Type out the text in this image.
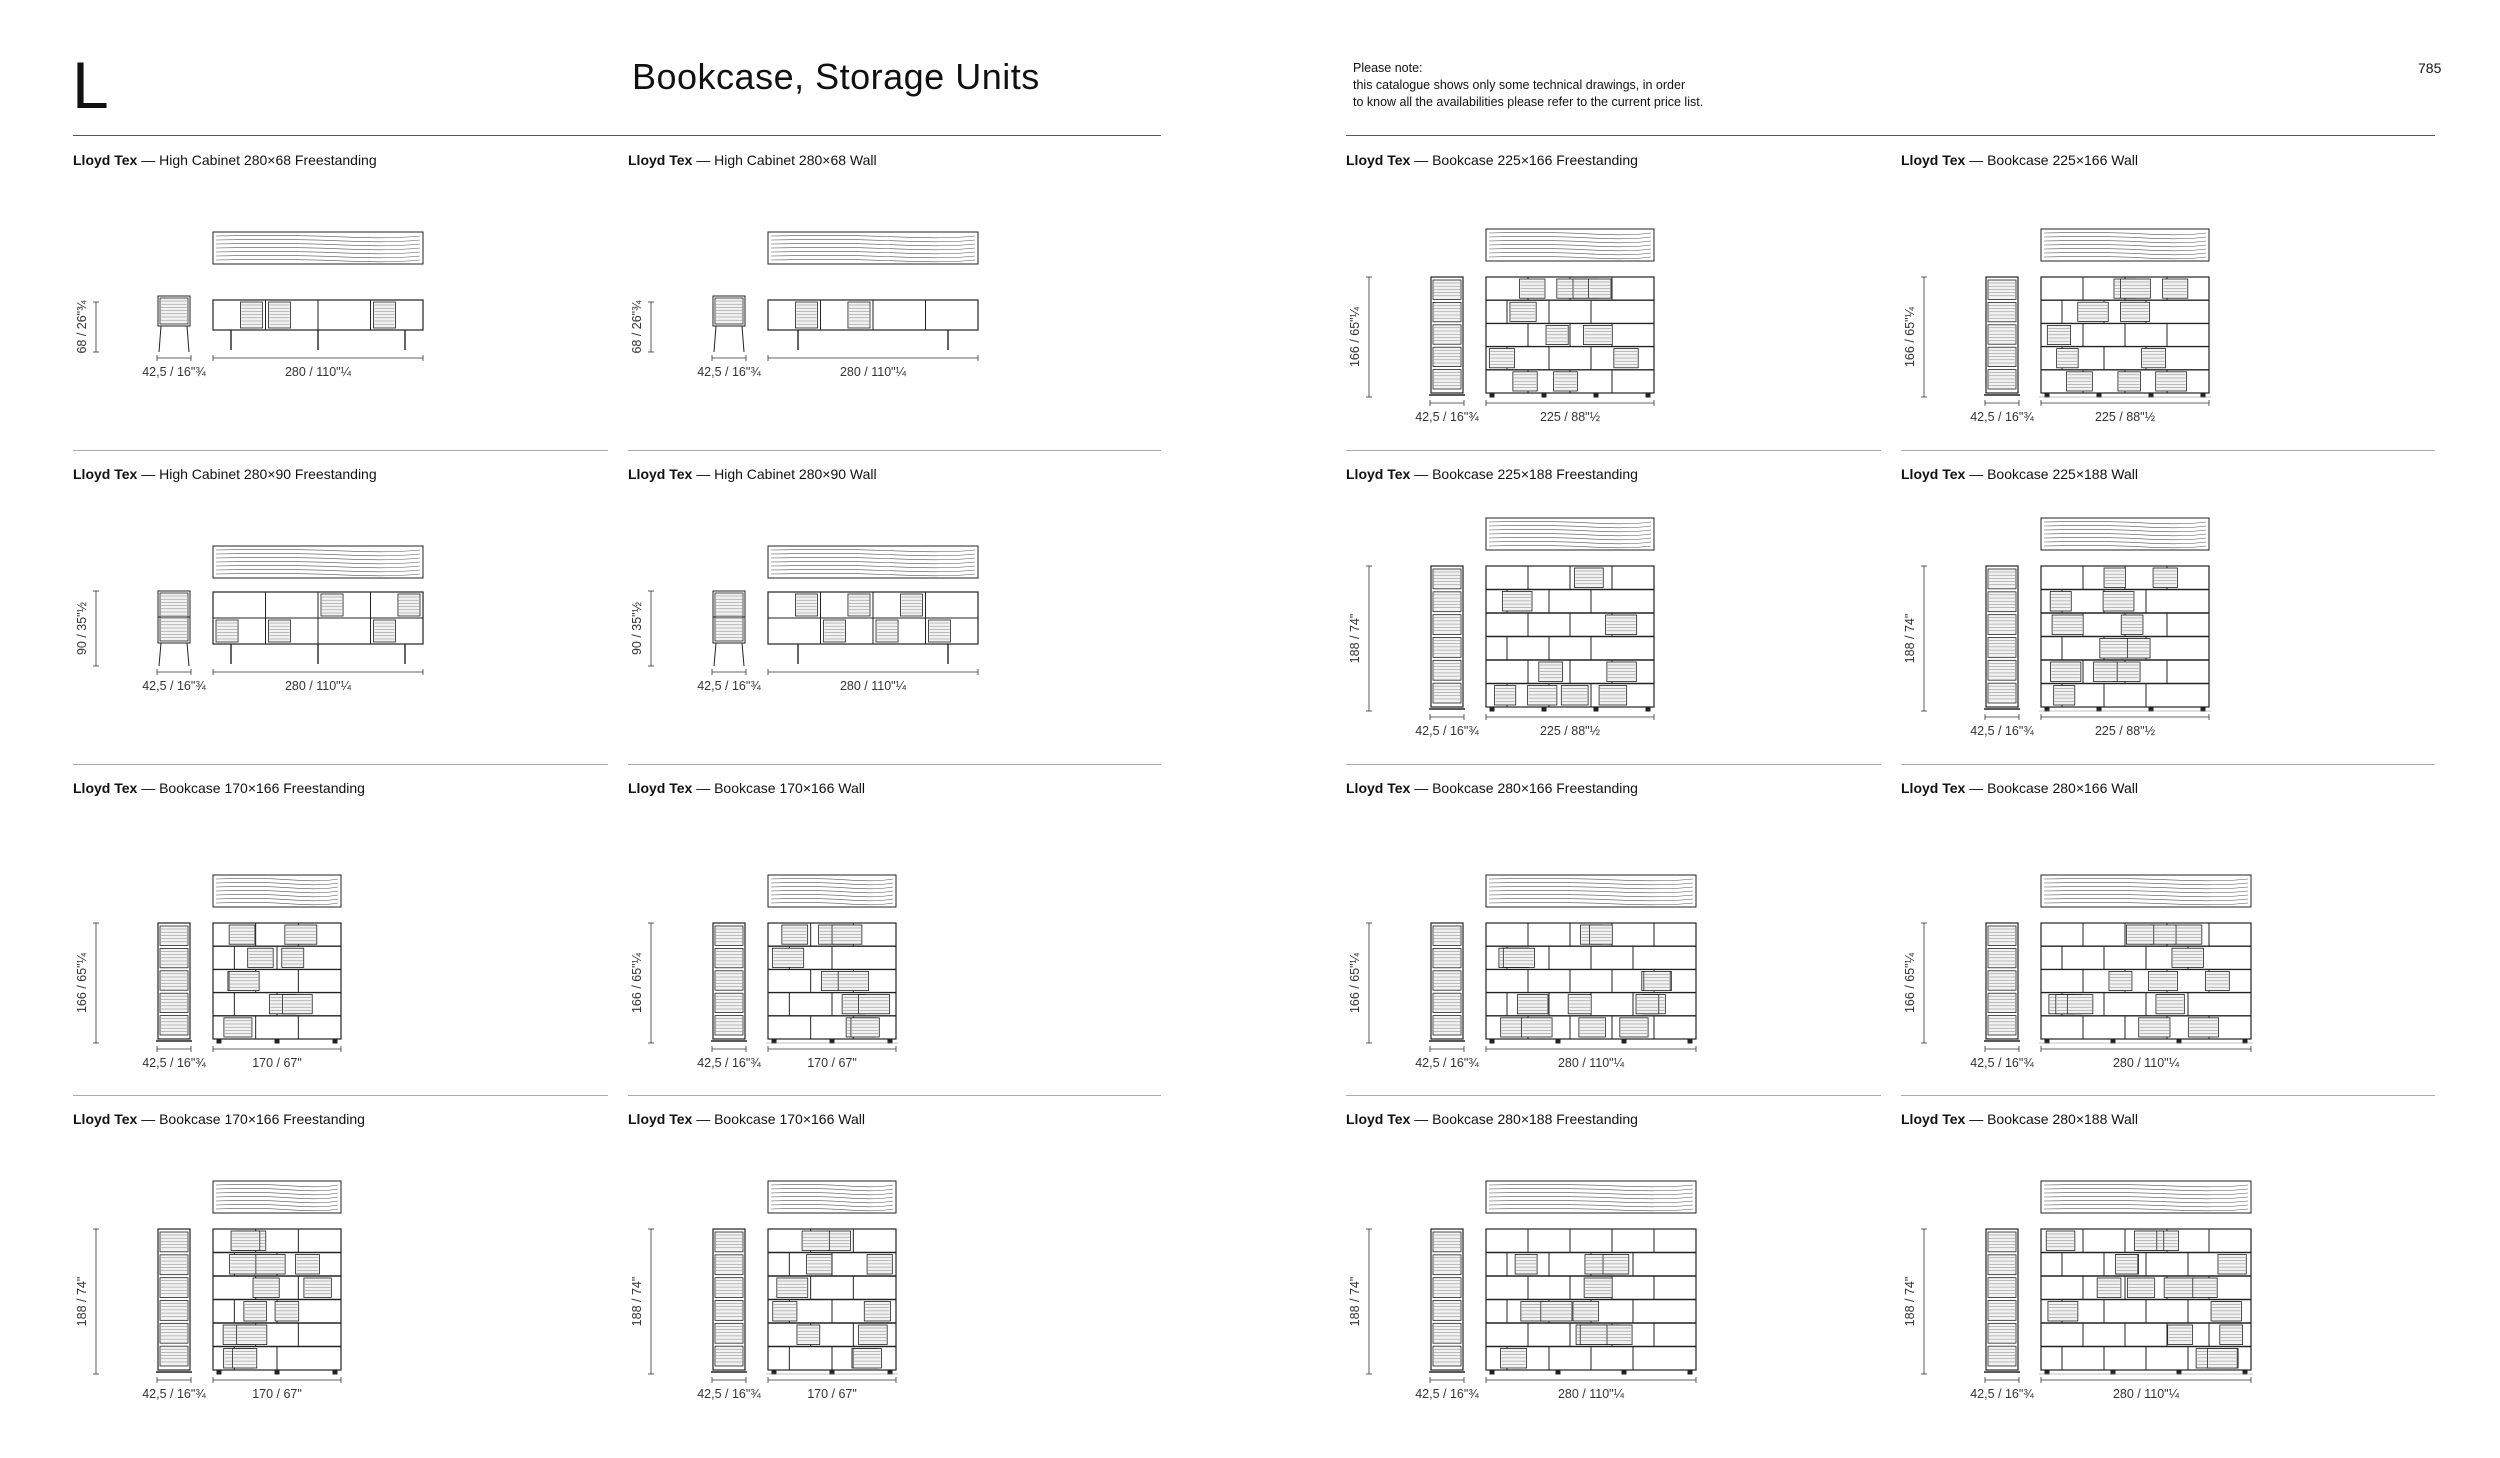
L	Bookcase, Storage Units	Please note:
this catalogue shows only some technical drawings, in order
to know all the availabilities please refer to the current price list.
785
Lloyd Tex — High Cabinet 280×68 Freestanding
68 / 26"¾
42,5 / 16"¾	280 / 110"¼
Lloyd Tex — High Cabinet 280×68 Wall
68 / 26"¾
42,5 / 16"¾	280 / 110"¼
Lloyd Tex — Bookcase 225×166 Freestanding
166 / 65"¼
42,5 / 16"¾	225 / 88"½
Lloyd Tex — Bookcase 225×166 Wall
166 / 65"¼
42,5 / 16"¾	225 / 88"½
Lloyd Tex — High Cabinet 280×90 Freestanding
90 / 35"½
42,5 / 16"¾	280 / 110"¼
Lloyd Tex — High Cabinet 280×90 Wall
90 / 35"½
42,5 / 16"¾	280 / 110"¼
Lloyd Tex — Bookcase 225×188 Freestanding
188 / 74"
42,5 / 16"¾	225 / 88"½
Lloyd Tex — Bookcase 225×188 Wall
188 / 74"
42,5 / 16"¾	225 / 88"½
Lloyd Tex — Bookcase 170×166 Freestanding
166 / 65"¼
42,5 / 16"¾	170 / 67"
Lloyd Tex — Bookcase 170×166 Wall
166 / 65"¼
42,5 / 16"¾	170 / 67"
Lloyd Tex — Bookcase 280×166 Freestanding
166 / 65"¼
42,5 / 16"¾	280 / 110"¼
Lloyd Tex — Bookcase 280×166 Wall
166 / 65"¼
42,5 / 16"¾	280 / 110"¼
Lloyd Tex — Bookcase 170×166 Freestanding
188 / 74"
42,5 / 16"¾	170 / 67"
Lloyd Tex — Bookcase 170×166 Wall
188 / 74"
42,5 / 16"¾	170 / 67"
Lloyd Tex — Bookcase 280×188 Freestanding
188 / 74"
42,5 / 16"¾	280 / 110"¼
Lloyd Tex — Bookcase 280×188 Wall
188 / 74"
42,5 / 16"¾	280 / 110"¼
